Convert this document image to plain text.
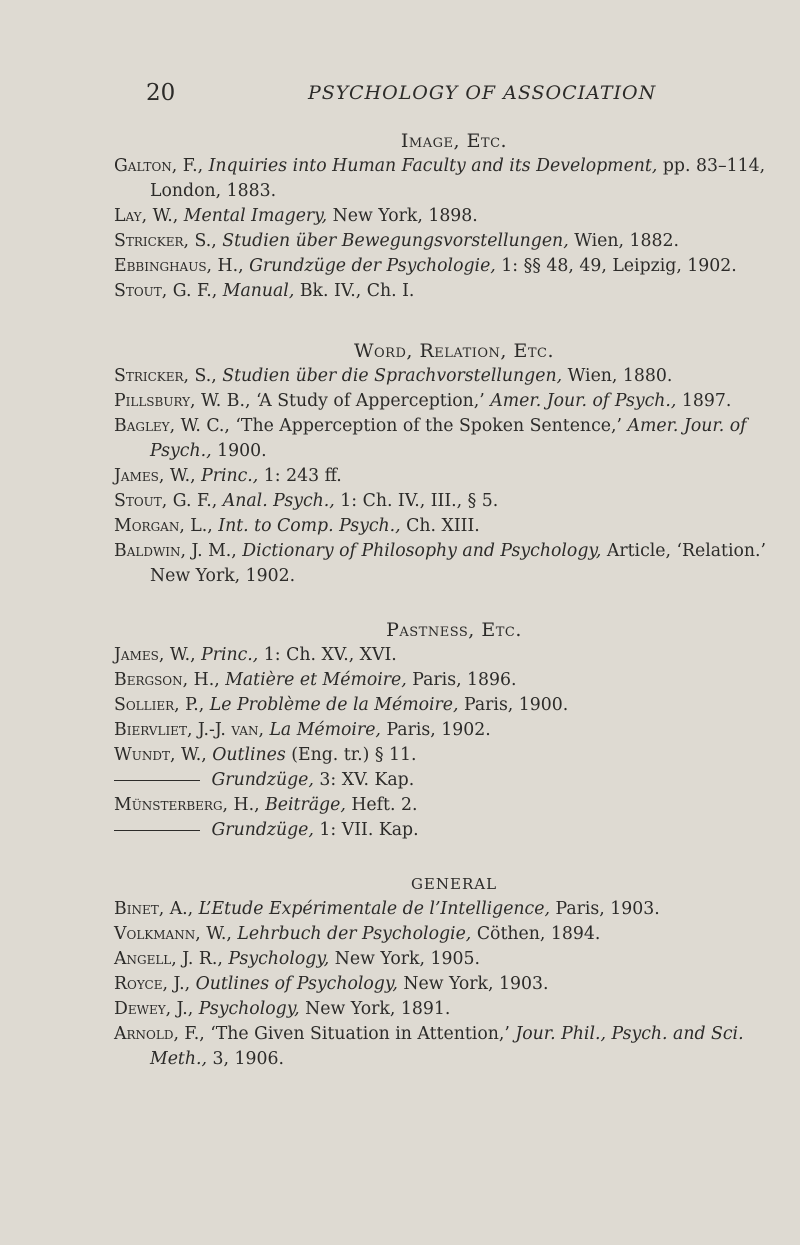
20	PSYCHOLOGY OF ASSOCIATION
Image, Etc.
Galton, F., Inquiries into Human Faculty and its Development, pp. 83–114, London, 1883.
Lay, W., Mental Imagery, New York, 1898.
Stricker, S., Studien über Bewegungsvorstellungen, Wien, 1882.
Ebbinghaus, H., Grundzüge der Psychologie, 1: §§ 48, 49, Leipzig, 1902.
Stout, G. F., Manual, Bk. IV., Ch. I.
Word, Relation, Etc.
Stricker, S., Studien über die Sprachvorstellungen, Wien, 1880.
Pillsbury, W. B., ‘A Study of Apperception,’ Amer. Jour. of Psych., 1897.
Bagley, W. C., ‘The Apperception of the Spoken Sentence,’ Amer. Jour. of Psych., 1900.
James, W., Princ., 1: 243 ff.
Stout, G. F., Anal. Psych., 1: Ch. IV., III., § 5.
Morgan, L., Int. to Comp. Psych., Ch. XIII.
Baldwin, J. M., Dictionary of Philosophy and Psychology, Article, ‘Relation.’ New York, 1902.
Pastness, Etc.
James, W., Princ., 1: Ch. XV., XVI.
Bergson, H., Matière et Mémoire, Paris, 1896.
Sollier, P., Le Problème de la Mémoire, Paris, 1900.
Biervliet, J.-J. van, La Mémoire, Paris, 1902.
Wundt, W., Outlines (Eng. tr.) § 11.
Grundzüge, 3: XV. Kap.
Münsterberg, H., Beiträge, Heft. 2.
Grundzüge, 1: VII. Kap.
GENERAL
Binet, A., L’Etude Expérimentale de l’Intelligence, Paris, 1903.
Volkmann, W., Lehrbuch der Psychologie, Cöthen, 1894.
Angell, J. R., Psychology, New York, 1905.
Royce, J., Outlines of Psychology, New York, 1903.
Dewey, J., Psychology, New York, 1891.
Arnold, F., ‘The Given Situation in Attention,’ Jour. Phil., Psych. and Sci. Meth., 3, 1906.
